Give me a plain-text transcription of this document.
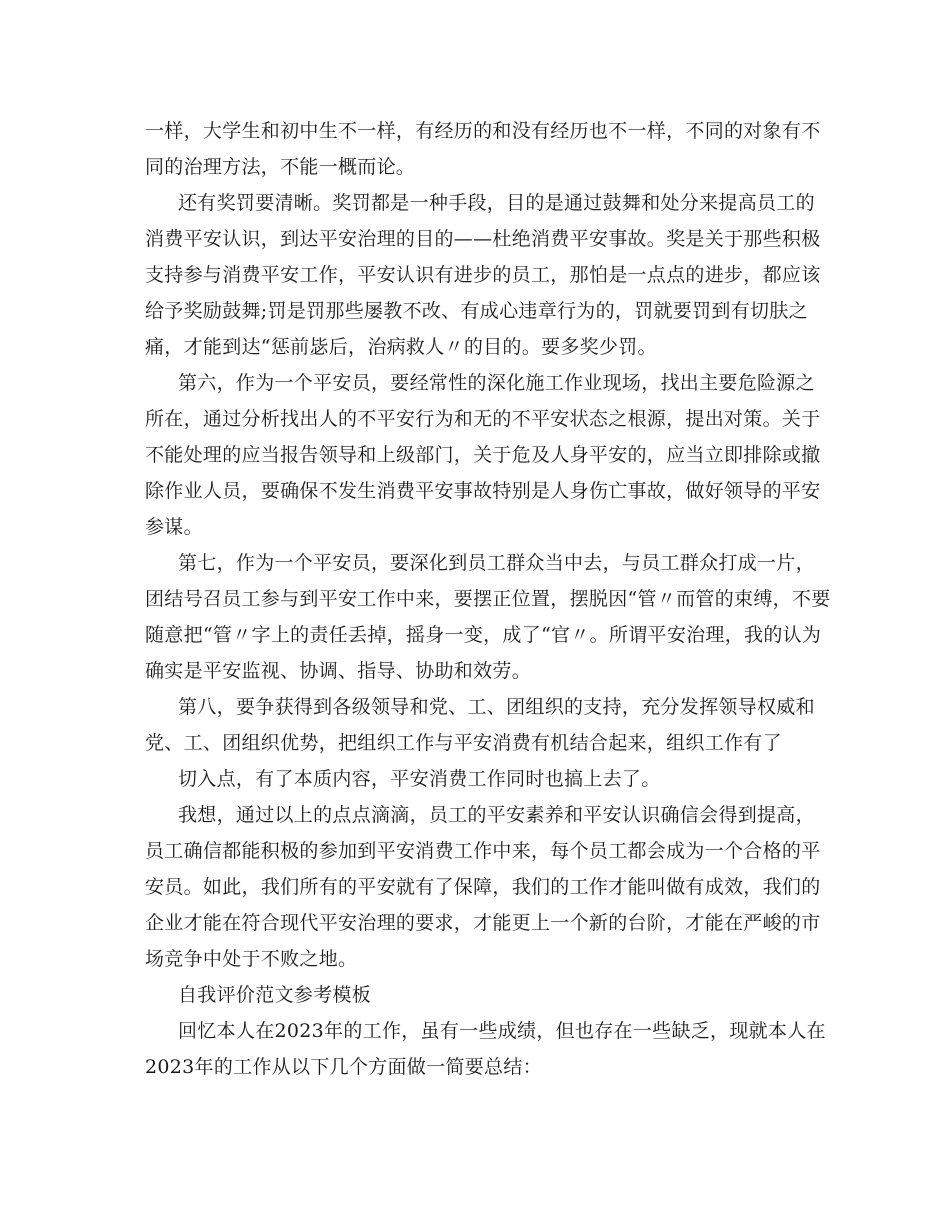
一样，大学生和初中生不一样，有经历的和没有经历也不一样，不同的对象有不
同的治理方法，不能一概而论。
还有奖罚要清晰。奖罚都是一种手段，目的是通过鼓舞和处分来提高员工的
消费平安认识，到达平安治理的目的——杜绝消费平安事故。奖是关于那些积极
支持参与消费平安工作，平安认识有进步的员工，那怕是一点点的进步，都应该
给予奖励鼓舞;罚是罚那些屡教不改、有成心违章行为的，罚就要罚到有切肤之
痛，才能到达“惩前毖后，治病救人〃的目的。要多奖少罚。
第六，作为一个平安员，要经常性的深化施工作业现场，找出主要危险源之
所在，通过分析找出人的不平安行为和无的不平安状态之根源，提出对策。关于
不能处理的应当报告领导和上级部门，关于危及人身平安的，应当立即排除或撤
除作业人员，要确保不发生消费平安事故特别是人身伤亡事故，做好领导的平安
参谋。
第七，作为一个平安员，要深化到员工群众当中去，与员工群众打成一片，
团结号召员工参与到平安工作中来，要摆正位置，摆脱因“管〃而管的束缚，不要
随意把“管〃字上的责任丢掉，摇身一变，成了“官〃。所谓平安治理，我的认为
确实是平安监视、协调、指导、协助和效劳。
第八，要争获得到各级领导和党、工、团组织的支持，充分发挥领导权威和
党、工、团组织优势，把组织工作与平安消费有机结合起来，组织工作有了
切入点，有了本质内容，平安消费工作同时也搞上去了。
我想，通过以上的点点滴滴，员工的平安素养和平安认识确信会得到提高，
员工确信都能积极的参加到平安消费工作中来，每个员工都会成为一个合格的平
安员。如此，我们所有的平安就有了保障，我们的工作才能叫做有成效，我们的
企业才能在符合现代平安治理的要求，才能更上一个新的台阶，才能在严峻的市
场竞争中处于不败之地。
自我评价范文参考模板
回忆本人在2023年的工作，虽有一些成绩，但也存在一些缺乏，现就本人在
2023年的工作从以下几个方面做一简要总结：
